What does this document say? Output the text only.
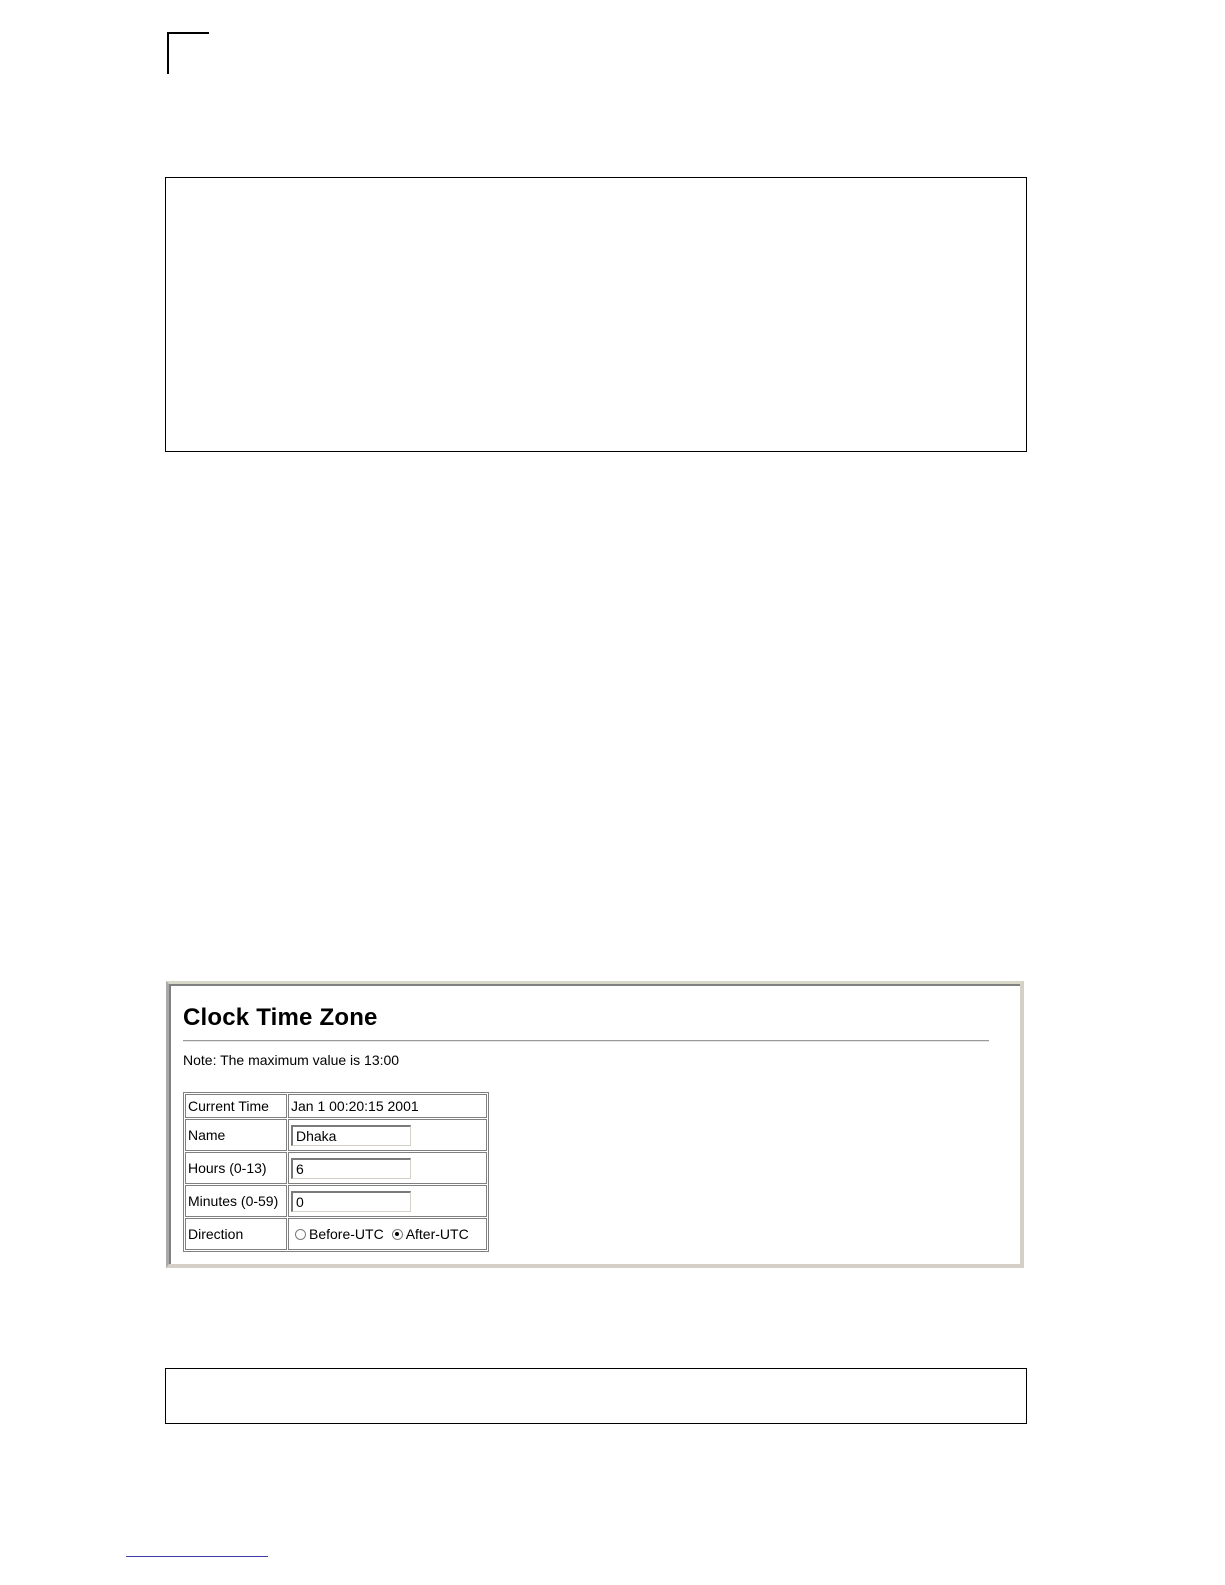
Clock Time Zone
Note: The maximum value is 13:00
Current Time	Jan 1 00:20:15 2001
Name	Dhaka
Hours (0-13)	6
Minutes (0-59)	0
Direction	Before-UTC After-UTC
